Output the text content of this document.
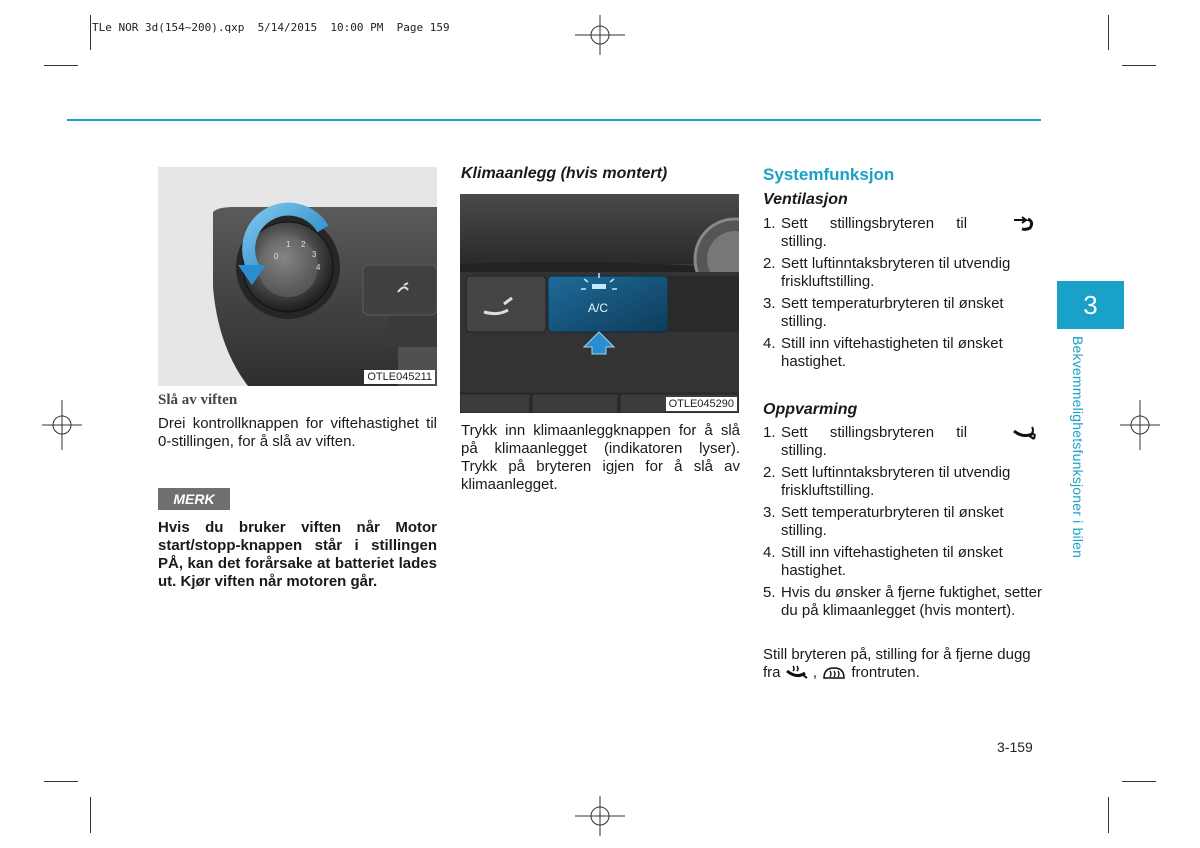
TLe NOR 3d(154~200).qxp  5/14/2015  10:00 PM  Page 159
0
1 2
3
4
OTLE045211
A/C
OTLE045290
Slå av viften
Drei kontrollknappen for viftehastighet til 0-stillingen, for å slå av viften.
MERK
Hvis du bruker viften når Motor start/stopp-knappen står i stillingen PÅ, kan det forårsake at batteriet lades ut. Kjør viften når motoren går.
Klimaanlegg (hvis montert)
Trykk inn klimaanleggknappen for å slå på klimaanlegget (indikatoren lyser). Trykk på bryteren igjen for å slå av klimaanlegget.
Systemfunksjon
Ventilasjon
1. Sett stillingsbryteren til
stilling.
2. Sett luftinntaksbryteren til utvendig friskluftstilling.
3. Sett temperaturbryteren til ønsket stilling.
4. Still inn viftehastigheten til ønsket hastighet.
Oppvarming
1. Sett stillingsbryteren til
stilling.
2. Sett luftinntaksbryteren til utvendig friskluftstilling.
3. Sett temperaturbryteren til ønsket stilling.
4. Still inn viftehastigheten til ønsket hastighet.
5. Hvis du ønsker å fjerne fuktighet, setter du på klimaanlegget (hvis montert).
Still bryteren på, stilling for å fjerne dugg fra , frontruten.
3
Bekvemmelighetsfunksjoner i bilen
3-159
